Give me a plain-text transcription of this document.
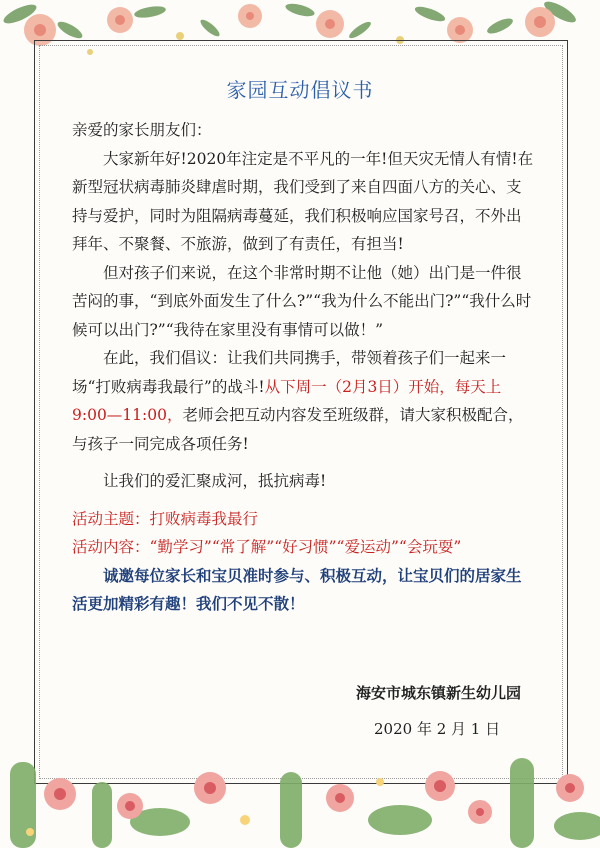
家园互动倡议书

亲爱的家长朋友们：

大家新年好!2020年注定是不平凡的一年!但天灾无情人有情!在新型冠状病毒肺炎肆虐时期，我们受到了来自四面八方的关心、支持与爱护，同时为阻隔病毒蔓延，我们积极响应国家号召，不外出拜年、不聚餐、不旅游，做到了有责任，有担当!

但对孩子们来说，在这个非常时期不让他（她）出门是一件很苦闷的事，“到底外面发生了什么?”“我为什么不能出门?”“我什么时候可以出门?”“我待在家里没有事情可以做！”

在此，我们倡议：让我们共同携手，带领着孩子们一起来一场“打败病毒我最行”的战斗!从下周一（2月3日）开始，每天上9:00—11:00，老师会把互动内容发至班级群，请大家积极配合，与孩子一同完成各项任务!

让我们的爱汇聚成河，抵抗病毒!

活动主题：打败病毒我最行

活动内容：“勤学习”“常了解”“好习惯”“爱运动”“会玩耍”

诚邀每位家长和宝贝准时参与、积极互动，让宝贝们的居家生活更加精彩有趣！我们不见不散！

海安市城东镇新生幼儿园
2020 年 2 月 1 日
